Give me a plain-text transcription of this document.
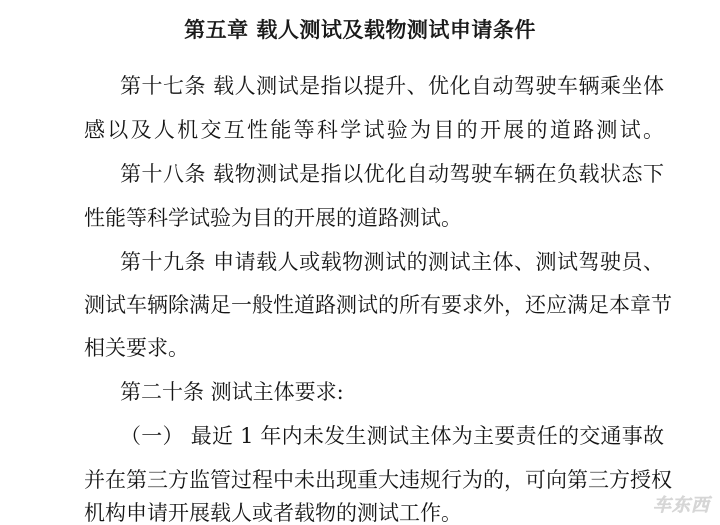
第五章 载人测试及载物测试申请条件
第十七条 载人测试是指以提升、优化自动驾驶车辆乘坐体
感以及人机交互性能等科学试验为目的开展的道路测试。
第十八条 载物测试是指以优化自动驾驶车辆在负载状态下
性能等科学试验为目的开展的道路测试。
第十九条 申请载人或载物测试的测试主体、测试驾驶员、
测试车辆除满足一般性道路测试的所有要求外，还应满足本章节
相关要求。
第二十条 测试主体要求:
（一） 最近 1 年内未发生测试主体为主要责任的交通事故
并在第三方监管过程中未出现重大违规行为的，可向第三方授权
机构申请开展载人或者载物的测试工作。	车东西
